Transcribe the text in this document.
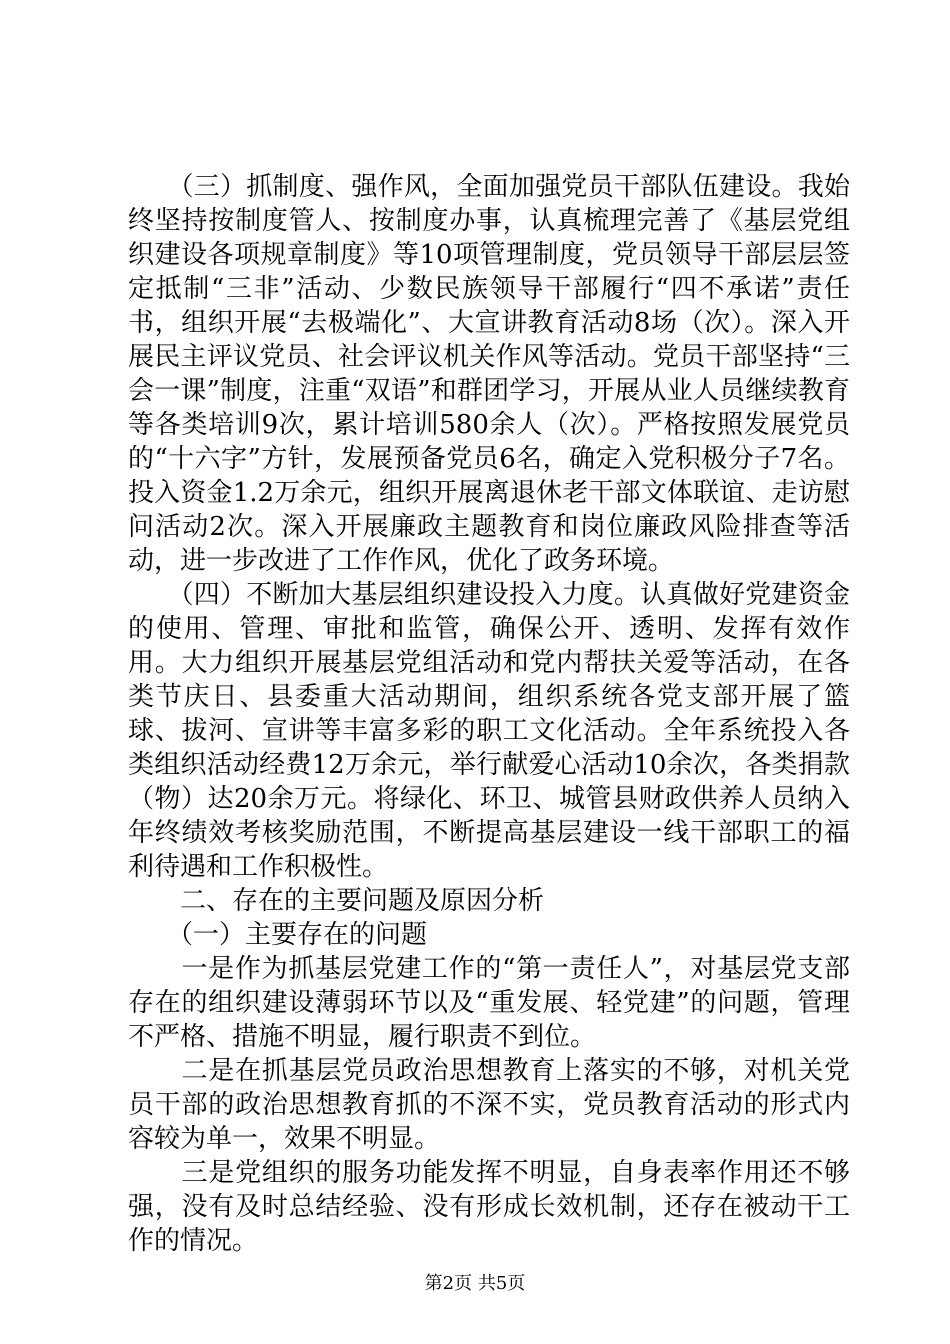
　　（三）抓制度、强作风，全面加强党员干部队伍建设。我始终坚持按制度管人、按制度办事，认真梳理完善了《基层党组织建设各项规章制度》等10项管理制度，党员领导干部层层签定抵制“三非”活动、少数民族领导干部履行“四不承诺”责任书，组织开展“去极端化”、大宣讲教育活动8场（次）。深入开展民主评议党员、社会评议机关作风等活动。党员干部坚持“三会一课”制度，注重“双语”和群团学习，开展从业人员继续教育等各类培训9次，累计培训580余人（次）。严格按照发展党员的“十六字”方针，发展预备党员6名，确定入党积极分子7名。投入资金1.2万余元，组织开展离退休老干部文体联谊、走访慰问活动2次。深入开展廉政主题教育和岗位廉政风险排查等活动，进一步改进了工作作风，优化了政务环境。

　　（四）不断加大基层组织建设投入力度。认真做好党建资金的使用、管理、审批和监管，确保公开、透明、发挥有效作用。大力组织开展基层党组活动和党内帮扶关爱等活动，在各类节庆日、县委重大活动期间，组织系统各党支部开展了篮球、拔河、宣讲等丰富多彩的职工文化活动。全年系统投入各类组织活动经费12万余元，举行献爱心活动10余次，各类捐款（物）达20余万元。将绿化、环卫、城管县财政供养人员纳入年终绩效考核奖励范围，不断提高基层建设一线干部职工的福利待遇和工作积极性。

　　二、存在的主要问题及原因分析

　　（一）主要存在的问题

　　一是作为抓基层党建工作的“第一责任人”，对基层党支部存在的组织建设薄弱环节以及“重发展、轻党建”的问题，管理不严格、措施不明显，履行职责不到位。

　　二是在抓基层党员政治思想教育上落实的不够，对机关党员干部的政治思想教育抓的不深不实，党员教育活动的形式内容较为单一，效果不明显。

　　三是党组织的服务功能发挥不明显，自身表率作用还不够强，没有及时总结经验、没有形成长效机制，还存在被动干工作的情况。

第2页 共5页
